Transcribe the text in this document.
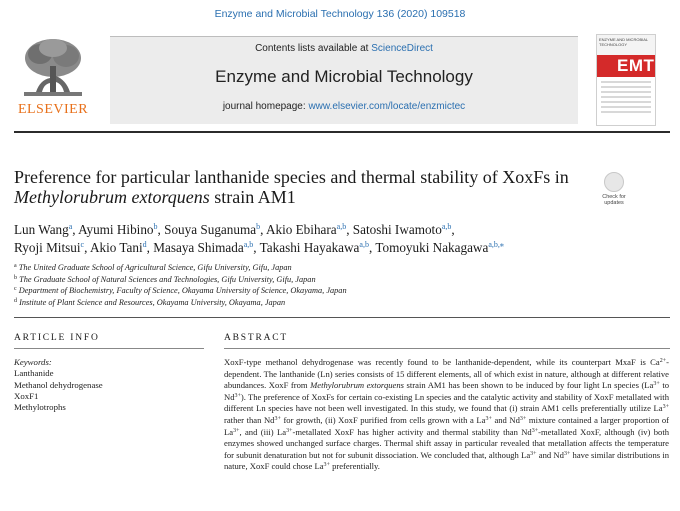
Enzyme and Microbial Technology 136 (2020) 109518
ELSEVIER
Contents lists available at ScienceDirect
Enzyme and Microbial Technology
journal homepage: www.elsevier.com/locate/enzmictec
ENZYME AND MICROBIAL TECHNOLOGY
EMT
Preference for particular lanthanide species and thermal stability of XoxFs in
Methylorubrum extorquens strain AM1	Check for updates
Lun Wang$^a$, Ayumi Hibino$^b$, Souya Suganuma$^b$, Akio Ebihara$^{a,b}$, Satoshi Iwamoto$^{a,b}$,
Ryoji Mitsui$^c$, Akio Tani$^d$, Masaya Shimada$^{a,b}$, Takashi Hayakawa$^{a,b}$, Tomoyuki Nakagawa$^{a,b,⁎}$
$^a$ The United Graduate School of Agricultural Science, Gifu University, Gifu, Japan
$^b$ The Graduate School of Natural Sciences and Technologies, Gifu University, Gifu, Japan
$^c$ Department of Biochemistry, Faculty of Science, Okayama University of Science, Okayama, Japan
$^d$ Institute of Plant Science and Resources, Okayama University, Okayama, Japan
ARTICLE INFO	ABSTRACT
Keywords:
Lanthanide
Methanol dehydrogenase
XoxF1
Methylotrophs
XoxF-type methanol dehydrogenase was recently found to be lanthanide-dependent, while its counterpart MxaF is $Ca^{2+}$-dependent. The lanthanide (Ln) series consists of 15 different elements, all of which exist in nature, although at different relative abundances. XoxF from Methylorubrum extorquens strain AM1 has been shown to be induced by four light Ln species ($La^{3+}$ to $Nd^{3+}$). The preference of XoxFs for certain co-existing Ln species and the catalytic activity and stability of XoxF metallated with different Ln species have not been well investigated. In this study, we found that (i) strain AM1 cells preferentially utilize $La^{3+}$ rather than $Nd^{3+}$ for growth, (ii) XoxF purified from cells grown with a $La^{3+}$ and $Nd^{3+}$ mixture contained a larger proportion of $La^{3+}$, and (iii) $La^{3+}$-metallated XoxF has higher activity and thermal stability than $Nd^{3+}$-metallated XoxF, although (iv) both enzymes showed unchanged surface charges. Thermal shift assay in particular revealed that metallation affects the temperature for subunit denaturation but not for subunit dissociation. We concluded that, although $La^{3+}$ and $Nd^{3+}$ have similar distributions in nature, XoxF could chose $La^{3+}$ preferentially.
